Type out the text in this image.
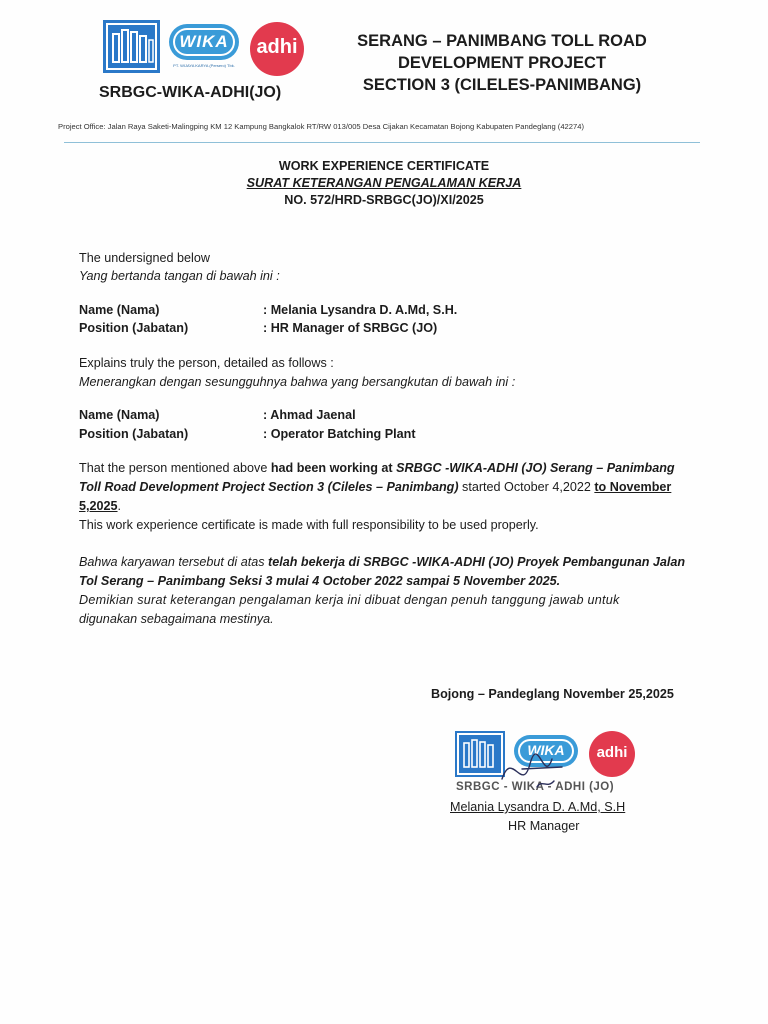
WIKA
PT. WIJAYA KARYA (Persero) Tbk.
adhi
SRBGC-WIKA-ADHI(JO)
SERANG – PANIMBANG TOLL ROAD
DEVELOPMENT PROJECT
SECTION 3 (CILELES-PANIMBANG)
Project Office: Jalan Raya Saketi-Malingping KM 12 Kampung Bangkalok RT/RW 013/005 Desa Cijakan Kecamatan Bojong Kabupaten Pandeglang (42274)
WORK EXPERIENCE CERTIFICATE
SURAT KETERANGAN PENGALAMAN KERJA
NO. 572/HRD-SRBGC(JO)/XI/2025
The undersigned below
Yang bertanda tangan di bawah ini :
Name (Nama)	: Melania Lysandra D. A.Md, S.H.
Position (Jabatan)	: HR Manager of SRBGC (JO)
Explains truly the person, detailed as follows :
Menerangkan dengan sesungguhnya bahwa yang bersangkutan di bawah ini :
Name (Nama)	: Ahmad Jaenal
Position (Jabatan)	: Operator Batching Plant
That the person mentioned above had been working at SRBGC -WIKA-ADHI (JO) Serang – Panimbang
Toll Road Development Project Section 3 (Cileles – Panimbang) started October 4,2022 to November
5,2025.
This work experience certificate is made with full responsibility to be used properly.
Bahwa karyawan tersebut di atas telah bekerja di SRBGC -WIKA-ADHI (JO) Proyek Pembangunan Jalan
Tol Serang – Panimbang Seksi 3 mulai 4 October 2022 sampai 5 November 2025.
Demikian surat keterangan pengalaman kerja ini dibuat dengan penuh tanggung jawab untuk
digunakan sebagaimana mestinya.
Bojong – Pandeglang November 25,2025
WIKA	adhi
SRBGC - WIKA - ADHI (JO)
Melania Lysandra D. A.Md, S.H
HR Manager
